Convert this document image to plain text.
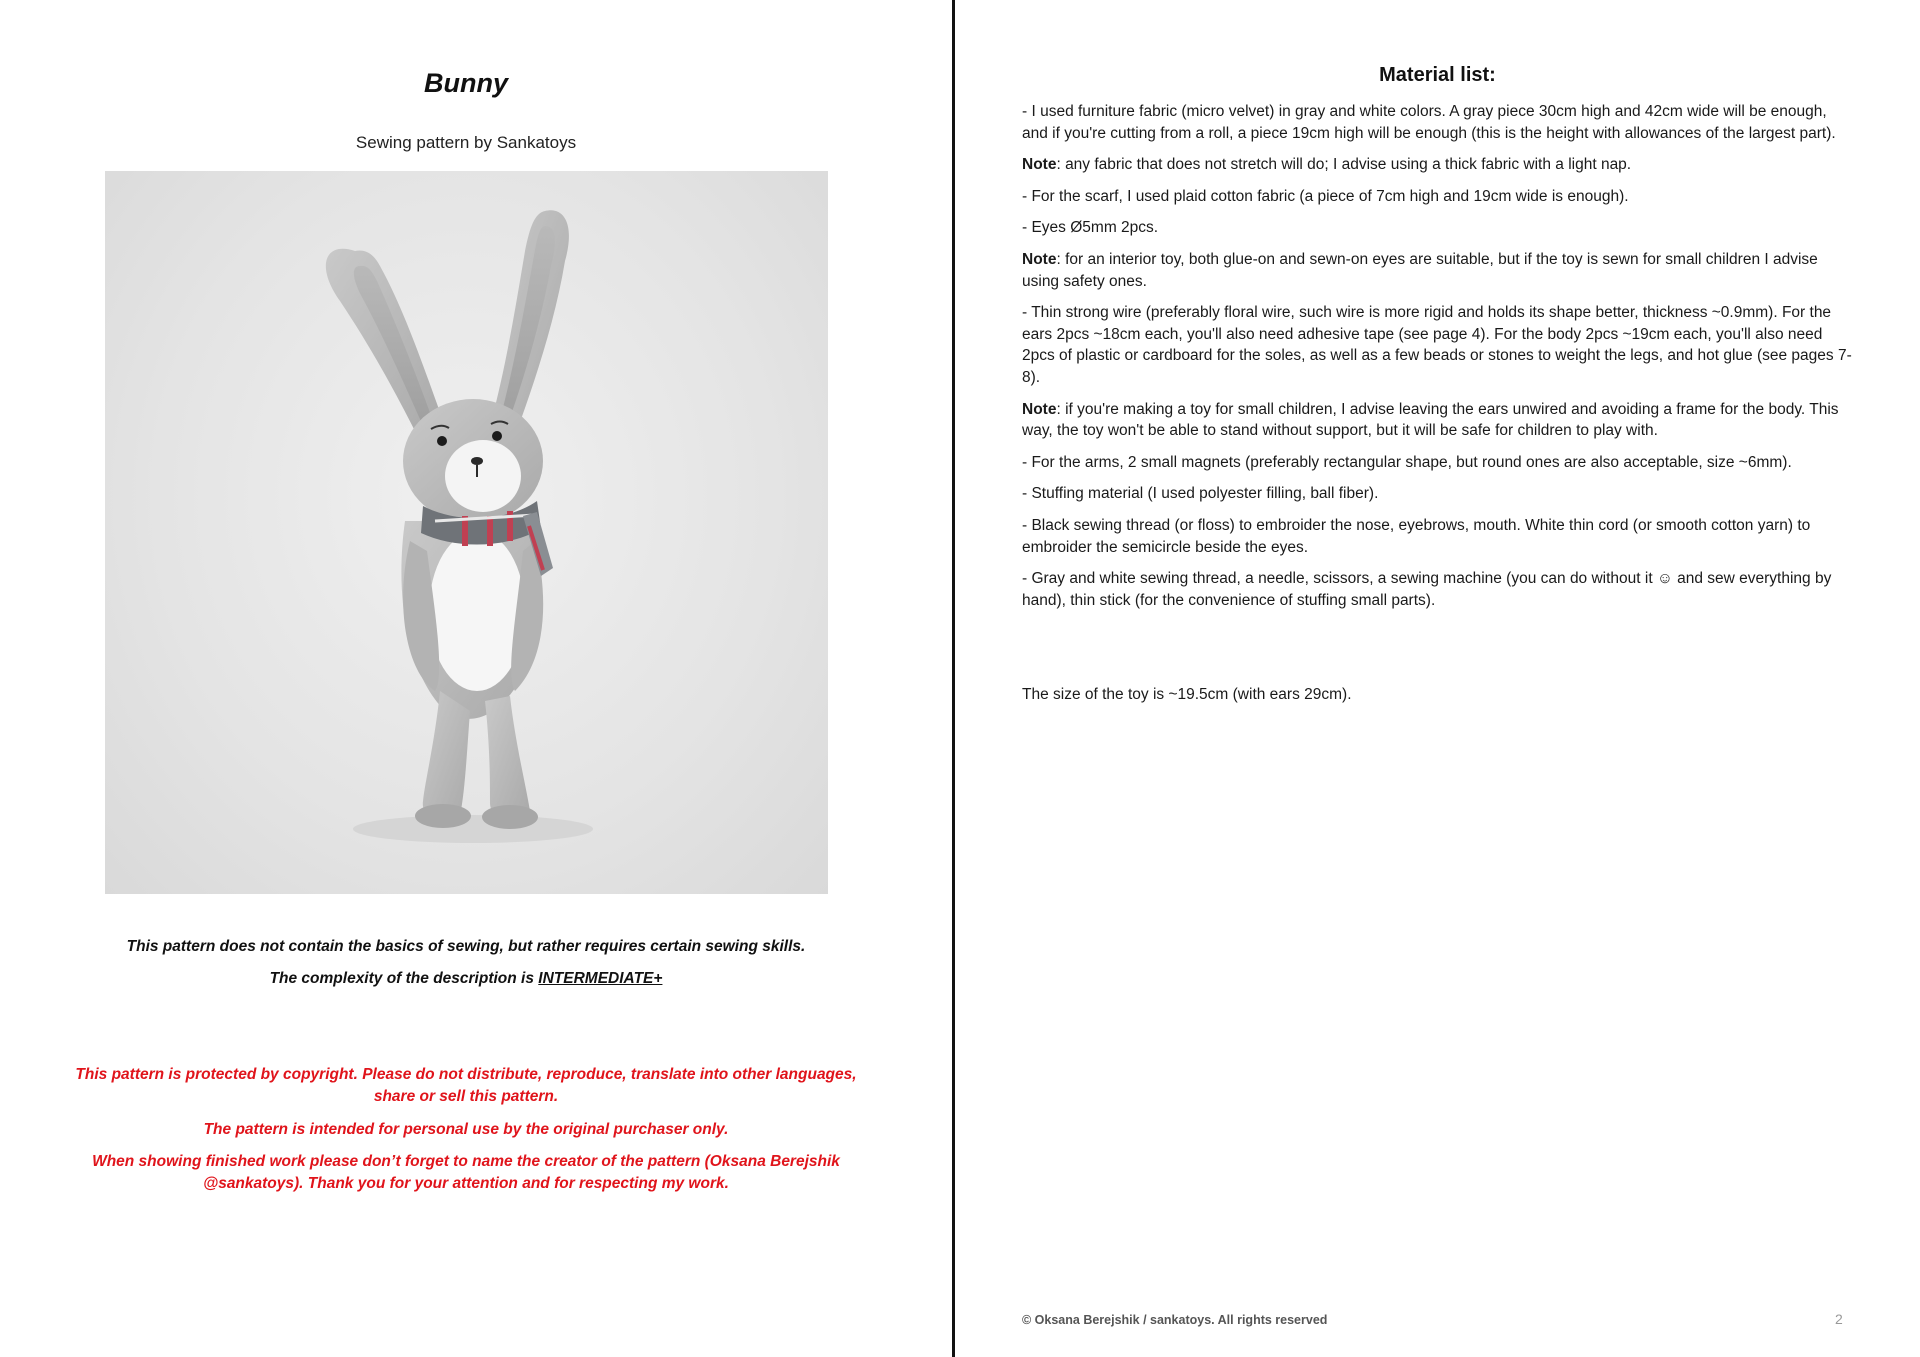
Bunny
Sewing pattern by Sankatoys
This pattern does not contain the basics of sewing, but rather requires certain sewing skills.
The complexity of the description is INTERMEDIATE+
This pattern is protected by copyright. Please do not distribute, reproduce, translate into other languages, share or sell this pattern.
The pattern is intended for personal use by the original purchaser only.
When showing finished work please don’t forget to name the creator of the pattern (Oksana Berejshik @sankatoys). Thank you for your attention and for respecting my work.
Material list:

- I used furniture fabric (micro velvet) in gray and white colors. A gray piece 30cm high and 42cm wide will be enough, and if you're cutting from a roll, a piece 19cm high will be enough (this is the height with allowances of the largest part).

Note: any fabric that does not stretch will do; I advise using a thick fabric with a light nap.

- For the scarf, I used plaid cotton fabric (a piece of 7cm high and 19cm wide is enough).

- Eyes Ø5mm 2pcs.

Note: for an interior toy, both glue-on and sewn-on eyes are suitable, but if the toy is sewn for small children I advise using safety ones.

- Thin strong wire (preferably floral wire, such wire is more rigid and holds its shape better, thickness ~0.9mm). For the ears 2pcs ~18cm each, you'll also need adhesive tape (see page 4). For the body 2pcs ~19cm each, you'll also need 2pcs of plastic or cardboard for the soles, as well as a few beads or stones to weight the legs, and hot glue (see pages 7-8).

Note: if you're making a toy for small children, I advise leaving the ears unwired and avoiding a frame for the body. This way, the toy won't be able to stand without support, but it will be safe for children to play with.

- For the arms, 2 small magnets (preferably rectangular shape, but round ones are also acceptable, size ~6mm).

- Stuffing material (I used polyester filling, ball fiber).

- Black sewing thread (or floss) to embroider the nose, eyebrows, mouth. White thin cord (or smooth cotton yarn) to embroider the semicircle beside the eyes.

- Gray and white sewing thread, a needle, scissors, a sewing machine (you can do without it ☺ and sew everything by hand), thin stick (for the convenience of stuffing small parts).

The size of the toy is ~19.5cm (with ears 29cm).
© Oksana Berejshik / sankatoys. All rights reserved	2
